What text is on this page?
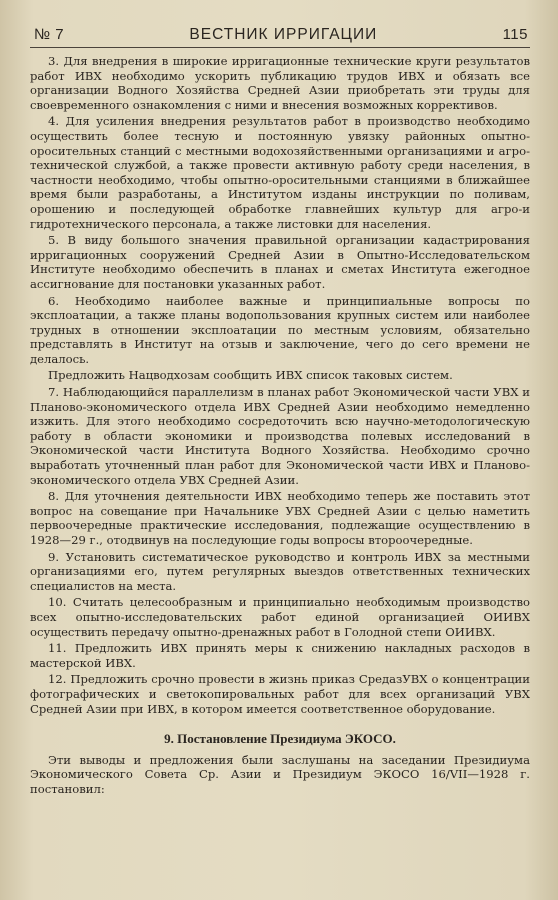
№ 7	ВЕСТНИК ИРРИГАЦИИ	115

3. Для внедрения в широкие ирригационные технические круги результатов работ ИВХ необходимо ускорить публикацию трудов ИВХ и обязать все организации Водного Хозяйства Средней Азии приобретать эти труды для своевременного ознакомления с ними и внесения возможных коррективов.

4. Для усиления внедрения результатов работ в производство необходимо осуществить более тесную и постоянную увязку районных опытно-оросительных станций с местными водохозяйственными организациями и агро-технической службой, а также провести активную работу среди населения, в частности необходимо, чтобы опытно-оросительными станциями в ближайшее время были разработаны, а Институтом изданы инструкции по поливам, орошению и последующей обработке главнейших культур для агро-и гидротехнического персонала, а также листовки для населения.

5. В виду большого значения правильной организации кадастрирования ирригационных сооружений Средней Азии в Опытно-Исследовательском Институте необходимо обеспечить в планах и сметах Института ежегодное ассигнование для постановки указанных работ.

6. Необходимо наиболее важные и принципиальные вопросы по эксплоатации, а также планы водопользования крупных систем или наиболее трудных в отношении эксплоатации по местным условиям, обязательно представлять в Институт на отзыв и заключение, чего до сего времени не делалось.

Предложить Нацводхозам сообщить ИВХ список таковых систем.

7. Наблюдающийся параллелизм в планах работ Экономической части УВХ и Планово-экономического отдела ИВХ Средней Азии необходимо немедленно изжить. Для этого необходимо сосредоточить всю научно-методологическую работу в области экономики и производства полевых исследований в Экономической части Института Водного Хозяйства. Необходимо срочно выработать уточненный план работ для Экономической части ИВХ и Планово-экономического отдела УВХ Средней Азии.

8. Для уточнения деятельности ИВХ необходимо теперь же поставить этот вопрос на совещание при Начальнике УВХ Средней Азии с целью наметить первоочередные практические исследования, подлежащие осуществлению в 1928—29 г., отодвинув на последующие годы вопросы второочередные.

9. Установить систематическое руководство и контроль ИВХ за местными организациями его, путем регулярных выездов ответственных технических специалистов на места.

10. Считать целесообразным и принципиально необходимым производство всех опытно-исследовательских работ единой организацией ОИИВХ осуществить передачу опытно-дренажных работ в Голодной степи ОИИВХ.

11. Предложить ИВХ принять меры к снижению накладных расходов в мастерской ИВХ.

12. Предложить срочно провести в жизнь приказ СредазУВХ о концентрации фотографических и светокопировальных работ для всех организаций УВХ Средней Азии при ИВХ, в котором имеется соответственное оборудование.

9. Постановление Президиума ЭКОСО.

Эти выводы и предложения были заслушаны на заседании Президиума Экономического Совета Ср. Азии и Президиум ЭКОСО 16/VII—1928 г. постановил:
